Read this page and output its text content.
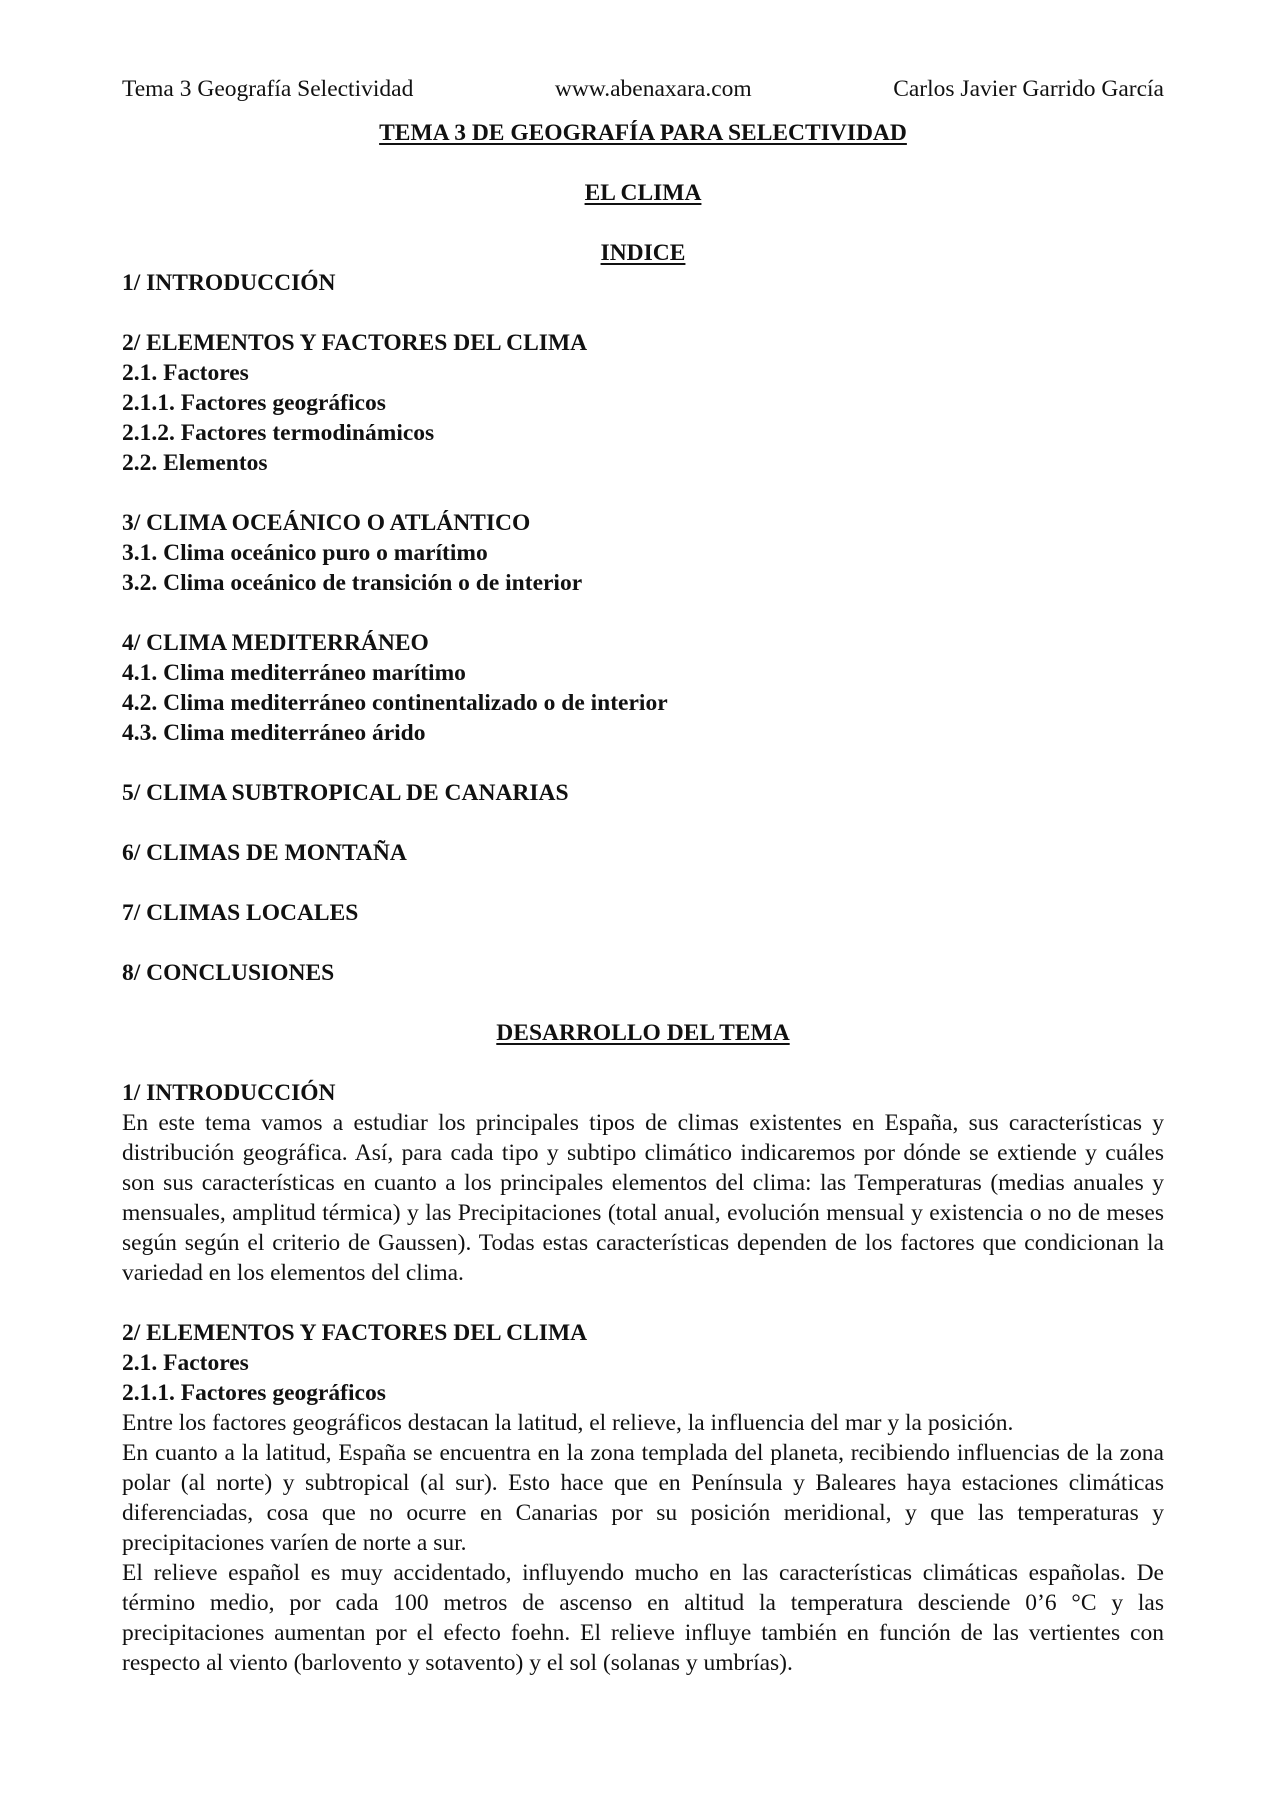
Tema 3 Geografía Selectividad	www.abenaxara.com	Carlos Javier Garrido García
TEMA 3 DE GEOGRAFÍA PARA SELECTIVIDAD
EL CLIMA
INDICE
1/ INTRODUCCIÓN
2/ ELEMENTOS Y FACTORES DEL CLIMA
2.1. Factores
2.1.1. Factores geográficos
2.1.2. Factores termodinámicos
2.2. Elementos
3/ CLIMA OCEÁNICO O ATLÁNTICO
3.1. Clima oceánico puro o marítimo
3.2. Clima oceánico de transición o de interior
4/ CLIMA MEDITERRÁNEO
4.1. Clima mediterráneo marítimo
4.2. Clima mediterráneo continentalizado o de interior
4.3. Clima mediterráneo árido
5/ CLIMA SUBTROPICAL DE CANARIAS
6/ CLIMAS DE MONTAÑA
7/ CLIMAS LOCALES
8/ CONCLUSIONES
DESARROLLO DEL TEMA
1/ INTRODUCCIÓN
En este tema vamos a estudiar los principales tipos de climas existentes en España, sus características y distribución geográfica. Así, para cada tipo y subtipo climático indicaremos por dónde se extiende y cuáles son sus características en cuanto a los principales elementos del clima: las Temperaturas (medias anuales y mensuales, amplitud térmica) y las Precipitaciones (total anual, evolución mensual y existencia o no de meses según según el criterio de Gaussen). Todas estas características dependen de los factores que condicionan la variedad en los elementos del clima.
2/ ELEMENTOS Y FACTORES DEL CLIMA
2.1. Factores
2.1.1. Factores geográficos
Entre los factores geográficos destacan la latitud, el relieve, la influencia del mar y la posición.
En cuanto a la latitud, España se encuentra en la zona templada del planeta, recibiendo influencias de la zona polar (al norte) y subtropical (al sur). Esto hace que en Península y Baleares haya estaciones climáticas diferenciadas, cosa que no ocurre en Canarias por su posición meridional, y que las temperaturas y precipitaciones varíen de norte a sur.
El relieve español es muy accidentado, influyendo mucho en las características climáticas españolas. De término medio, por cada 100 metros de ascenso en altitud la temperatura desciende 0’6 °C y las precipitaciones aumentan por el efecto foehn. El relieve influye también en función de las vertientes con respecto al viento (barlovento y sotavento) y el sol (solanas y umbrías).
